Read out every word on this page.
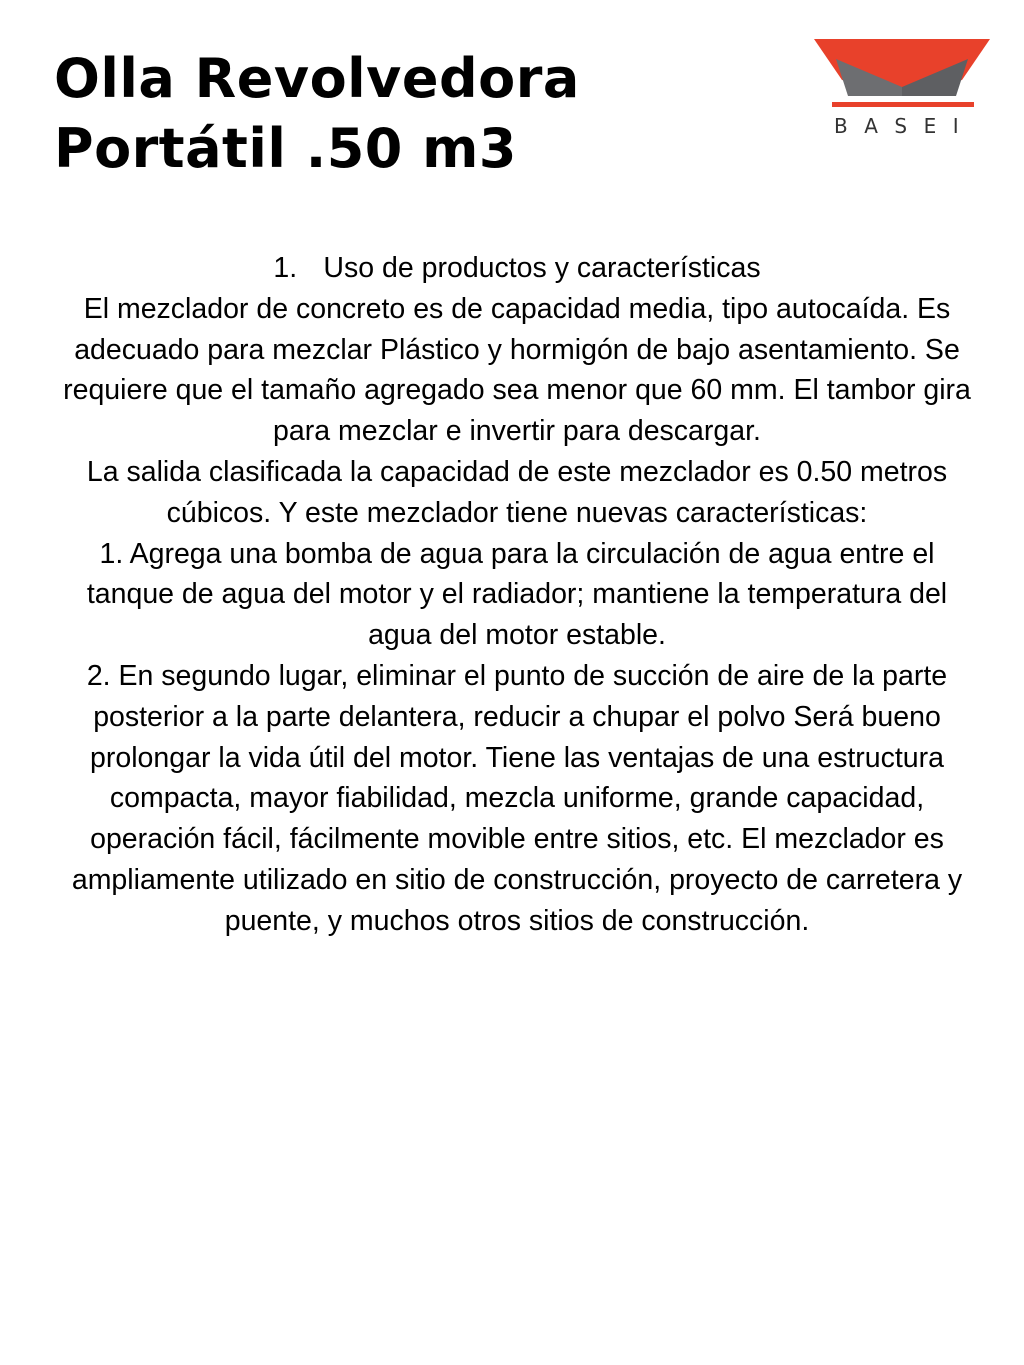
Olla Revolvedora
Portátil .50 m3	BASEI

1. Uso de productos y características

El mezclador de concreto es de capacidad media, tipo autocaída. Es adecuado para mezclar Plástico y hormigón de bajo asentamiento. Se requiere que el tamaño agregado sea menor que 60 mm. El tambor gira para mezclar e invertir para descargar.

La salida clasificada la capacidad de este mezclador es 0.50 metros cúbicos. Y este mezclador tiene nuevas características:

1. Agrega una bomba de agua para la circulación de agua entre el tanque de agua del motor y el radiador; mantiene la temperatura del agua del motor estable.

2. En segundo lugar, eliminar el punto de succión de aire de la parte posterior a la parte delantera, reducir a chupar el polvo Será bueno prolongar la vida útil del motor. Tiene las ventajas de una estructura compacta, mayor fiabilidad, mezcla uniforme, grande capacidad, operación fácil, fácilmente movible entre sitios, etc. El mezclador es ampliamente utilizado en sitio de construcción, proyecto de carretera y puente, y muchos otros sitios de construcción.
